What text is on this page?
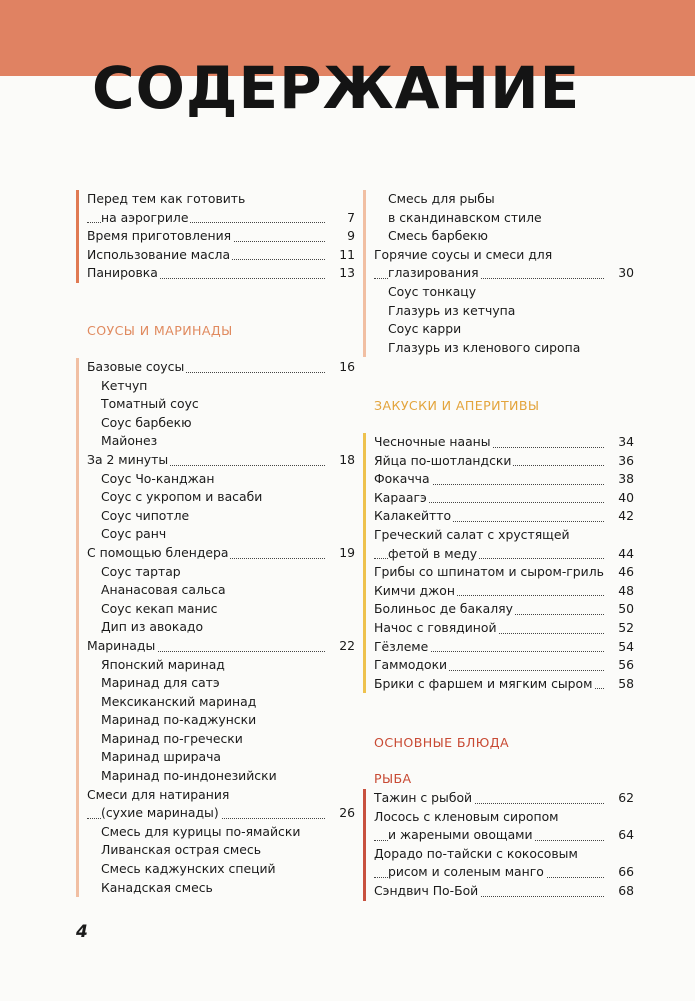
СОДЕРЖАНИЕ
Перед тем как готовить
на аэрогриле	7
Время приготовления	9
Использование масла	11
Панировка	13
СОУСЫ И МАРИНАДЫ
Базовые соусы	16
Кетчуп
Томатный соус
Соус барбекю
Майонез
За 2 минуты	18
Соус Чо-канджан
Соус с укропом и васаби
Соус чипотле
Соус ранч
С помощью блендера	19
Соус тартар
Ананасовая сальса
Соус кекап манис
Дип из авокадо
Маринады	22
Японский маринад
Маринад для сатэ
Мексиканский маринад
Маринад по-каджунски
Маринад по-гречески
Маринад шрирача
Маринад по-индонезийски
Смеси для натирания
(сухие маринады)	26
Смесь для курицы по-ямайски
Ливанская острая смесь
Смесь каджунских специй
Канадская смесь
Смесь для рыбы
в скандинавском стиле
Смесь барбекю
Горячие соусы и смеси для
глазирования	30
Соус тонкацу
Глазурь из кетчупа
Соус карри
Глазурь из кленового сиропа
ЗАКУСКИ И АПЕРИТИВЫ
Чесночные нааны	34
Яйца по-шотландски	36
Фокачча	38
Караагэ	40
Калакейтто	42
Греческий салат с хрустящей
фетой в меду	44
Грибы со шпинатом и сыром-гриль	46
Кимчи джон	48
Болиньос де бакаляу	50
Начос с говядиной	52
Гёзлеме	54
Гаммодоки	56
Брики с фаршем и мягким сыром	58
ОСНОВНЫЕ БЛЮДА
РЫБА
Тажин с рыбой	62
Лосось с кленовым сиропом
и жареными овощами	64
Дорадо по-тайски с кокосовым
рисом и соленым манго	66
Сэндвич По-Бой	68
4
